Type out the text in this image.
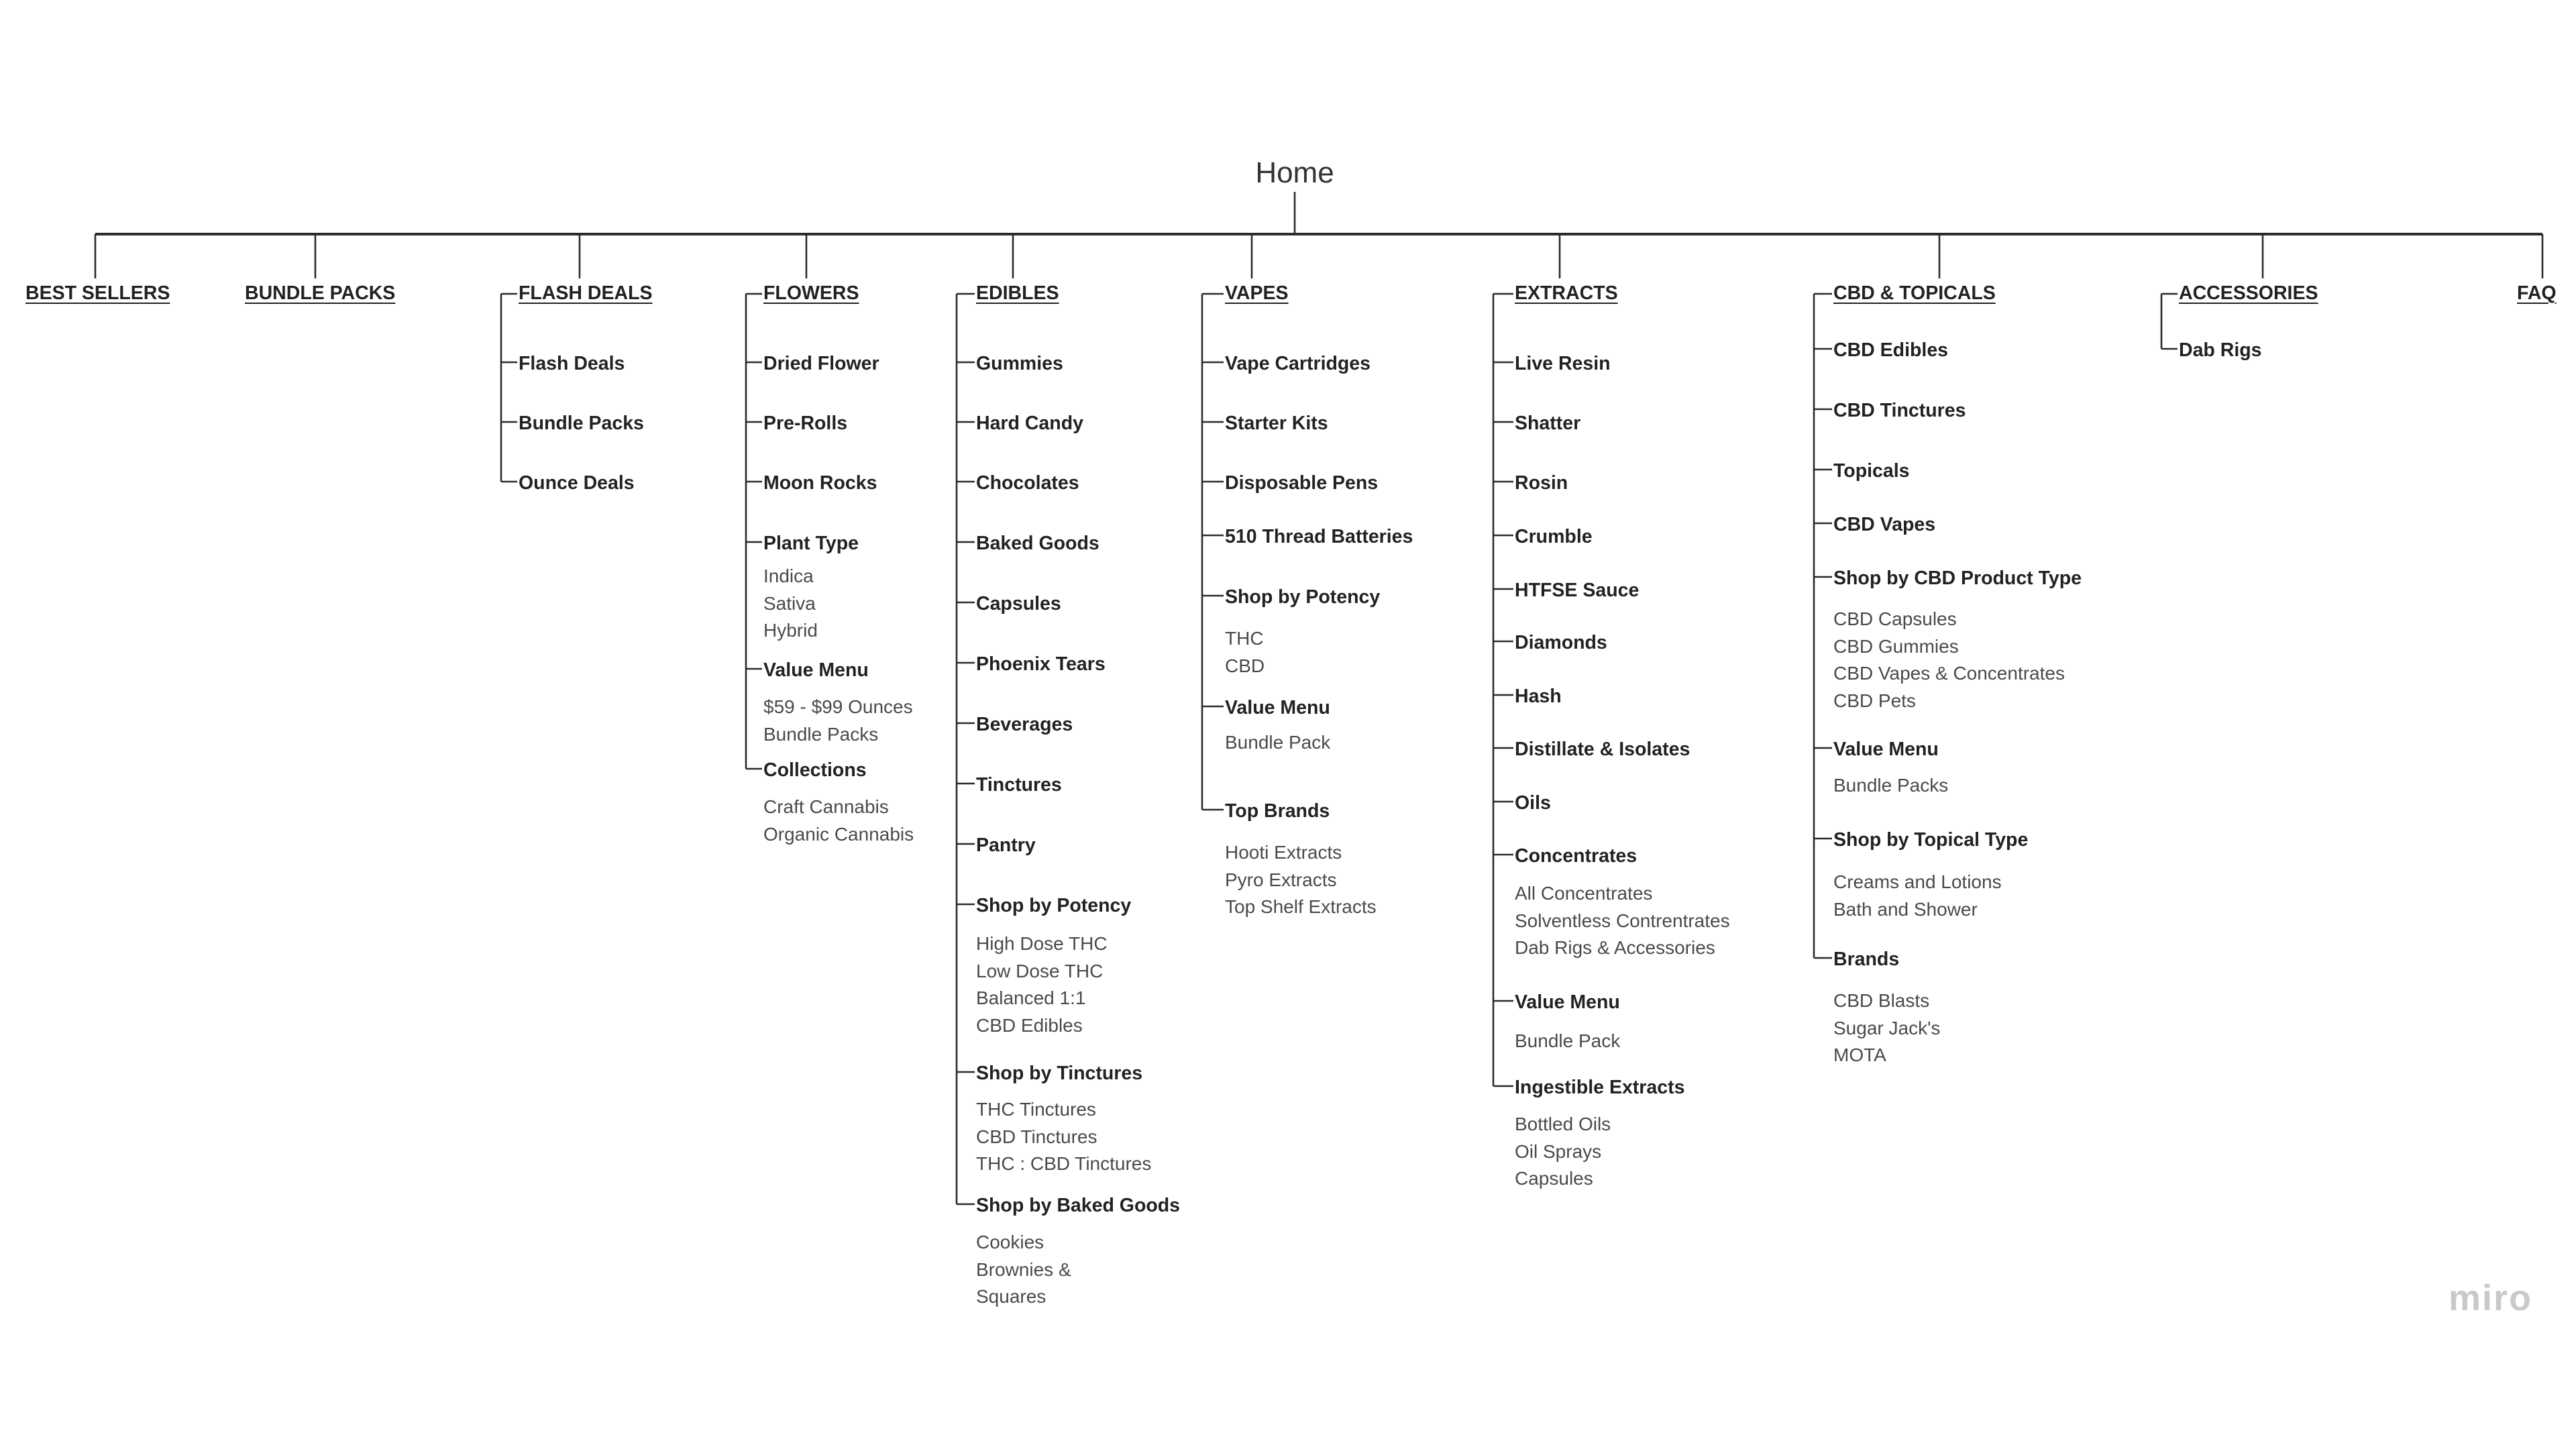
Home
BEST SELLERS	BUNDLE PACKS	FLASH DEALS
Flash Deals
Bundle Packs
Ounce Deals
FLOWERS
Dried Flower
Pre-Rolls
Moon Rocks
Plant Type
Indica
Sativa
Hybrid
Value Menu
$59 - $99 Ounces
Bundle Packs
Collections
Craft Cannabis
Organic Cannabis
EDIBLES
Gummies
Hard Candy
Chocolates
Baked Goods
Capsules
Phoenix Tears
Beverages
Tinctures
Pantry
Shop by Potency
High Dose THC
Low Dose THC
Balanced 1:1
CBD Edibles
Shop by Tinctures
THC Tinctures
CBD Tinctures
THC : CBD Tinctures
Shop by Baked Goods
Cookies
Brownies &
Squares
VAPES
Vape Cartridges
Starter Kits
Disposable Pens
510 Thread Batteries
Shop by Potency
THC
CBD
Value Menu
Bundle Pack
Top Brands
Hooti Extracts
Pyro Extracts
Top Shelf Extracts
EXTRACTS
Live Resin
Shatter
Rosin
Crumble
HTFSE Sauce
Diamonds
Hash
Distillate & Isolates
Oils
Concentrates
All Concentrates
Solventless Contrentrates
Dab Rigs & Accessories
Value Menu
Bundle Pack
Ingestible Extracts
Bottled Oils
Oil Sprays
Capsules
CBD & TOPICALS
CBD Edibles
CBD Tinctures
Topicals
CBD Vapes
Shop by CBD Product Type
CBD Capsules
CBD Gummies
CBD Vapes & Concentrates
CBD Pets
Value Menu
Bundle Packs
Shop by Topical Type
Creams and Lotions
Bath and Shower
Brands
CBD Blasts
Sugar Jack's
MOTA
ACCESSORIES
Dab Rigs
FAQ
miro
